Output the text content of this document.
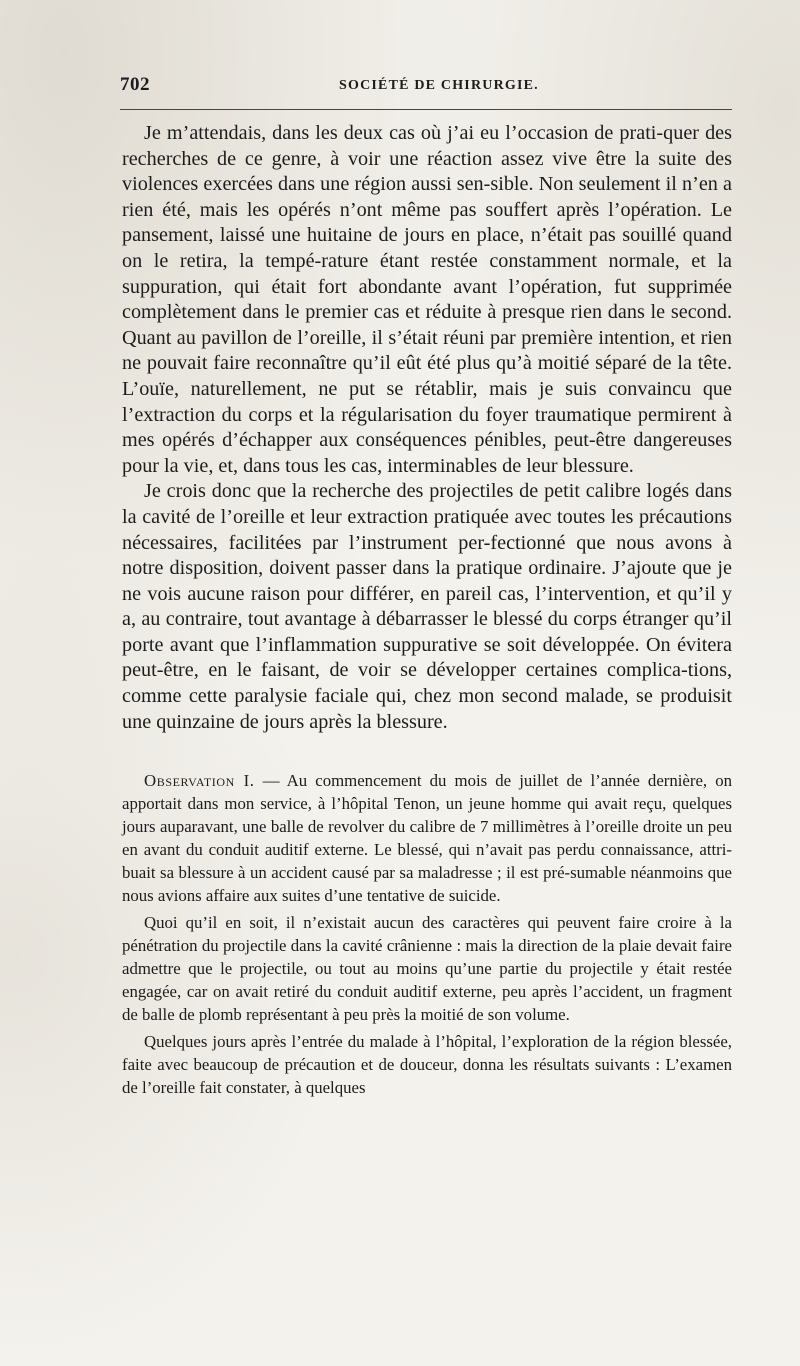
702	SOCIÉTÉ DE CHIRURGIE.

Je m’attendais, dans les deux cas où j’ai eu l’occasion de prati-quer des recherches de ce genre, à voir une réaction assez vive être la suite des violences exercées dans une région aussi sen-sible. Non seulement il n’en a rien été, mais les opérés n’ont même pas souffert après l’opération. Le pansement, laissé une huitaine de jours en place, n’était pas souillé quand on le retira, la tempé-rature étant restée constamment normale, et la suppuration, qui était fort abondante avant l’opération, fut supprimée complètement dans le premier cas et réduite à presque rien dans le second. Quant au pavillon de l’oreille, il s’était réuni par première intention, et rien ne pouvait faire reconnaître qu’il eût été plus qu’à moitié séparé de la tête. L’ouïe, naturellement, ne put se rétablir, mais je suis convaincu que l’extraction du corps et la régularisation du foyer traumatique permirent à mes opérés d’échapper aux conséquences pénibles, peut-être dangereuses pour la vie, et, dans tous les cas, interminables de leur blessure.

Je crois donc que la recherche des projectiles de petit calibre logés dans la cavité de l’oreille et leur extraction pratiquée avec toutes les précautions nécessaires, facilitées par l’instrument per-fectionné que nous avons à notre disposition, doivent passer dans la pratique ordinaire. J’ajoute que je ne vois aucune raison pour différer, en pareil cas, l’intervention, et qu’il y a, au contraire, tout avantage à débarrasser le blessé du corps étranger qu’il porte avant que l’inflammation suppurative se soit développée. On évitera peut-être, en le faisant, de voir se développer certaines complica-tions, comme cette paralysie faciale qui, chez mon second malade, se produisit une quinzaine de jours après la blessure.

Observation I. — Au commencement du mois de juillet de l’année dernière, on apportait dans mon service, à l’hôpital Tenon, un jeune homme qui avait reçu, quelques jours auparavant, une balle de revolver du calibre de 7 millimètres à l’oreille droite un peu en avant du conduit auditif externe. Le blessé, qui n’avait pas perdu connaissance, attri-buait sa blessure à un accident causé par sa maladresse ; il est pré-sumable néanmoins que nous avions affaire aux suites d’une tentative de suicide.

Quoi qu’il en soit, il n’existait aucun des caractères qui peuvent faire croire à la pénétration du projectile dans la cavité crânienne : mais la direction de la plaie devait faire admettre que le projectile, ou tout au moins qu’une partie du projectile y était restée engagée, car on avait retiré du conduit auditif externe, peu après l’accident, un fragment de balle de plomb représentant à peu près la moitié de son volume.

Quelques jours après l’entrée du malade à l’hôpital, l’exploration de la région blessée, faite avec beaucoup de précaution et de douceur, donna les résultats suivants : L’examen de l’oreille fait constater, à quelques
